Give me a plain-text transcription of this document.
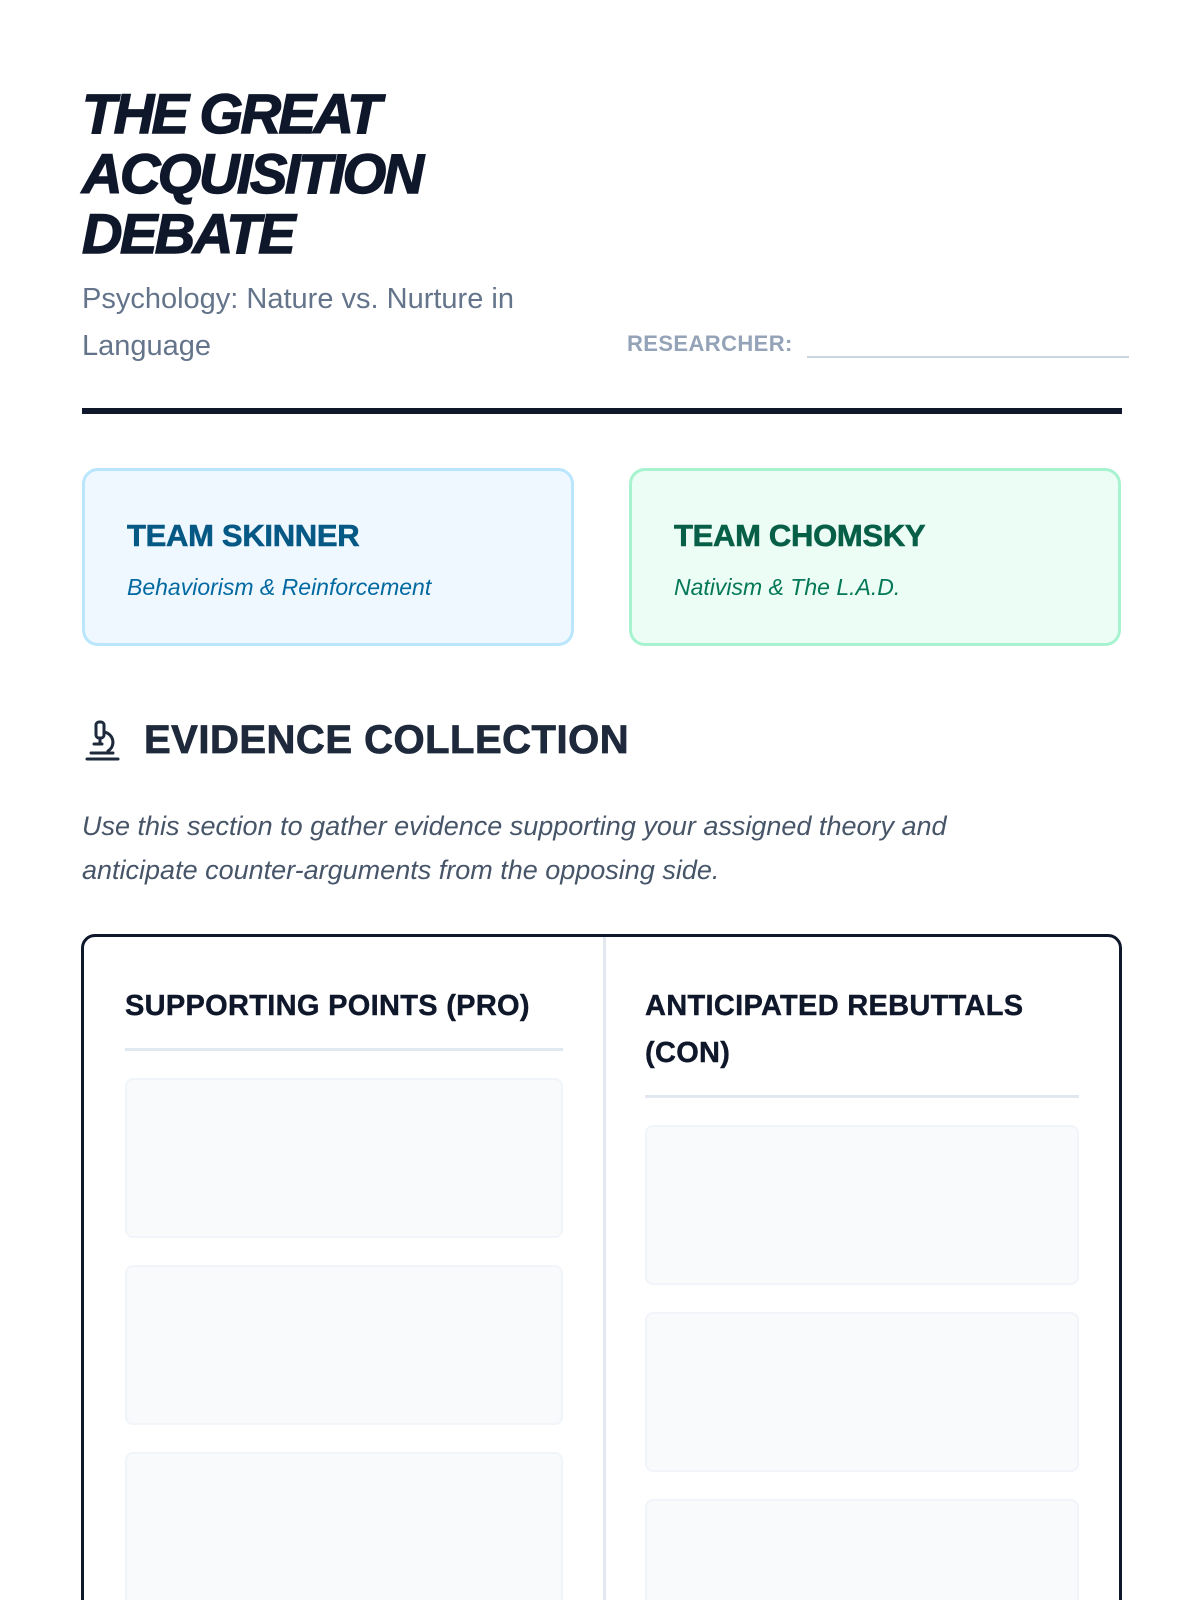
THE GREAT
ACQUISITION
DEBATE
Psychology: Nature vs. Nurture in Language	RESEARCHER:
TEAM SKINNER
Behaviorism & Reinforcement
TEAM CHOMSKY
Nativism & The L.A.D.
EVIDENCE COLLECTION

Use this section to gather evidence supporting your assigned theory and anticipate counter-arguments from the opposing side.

SUPPORTING POINTS (PRO)	ANTICIPATED REBUTTALS (CON)
